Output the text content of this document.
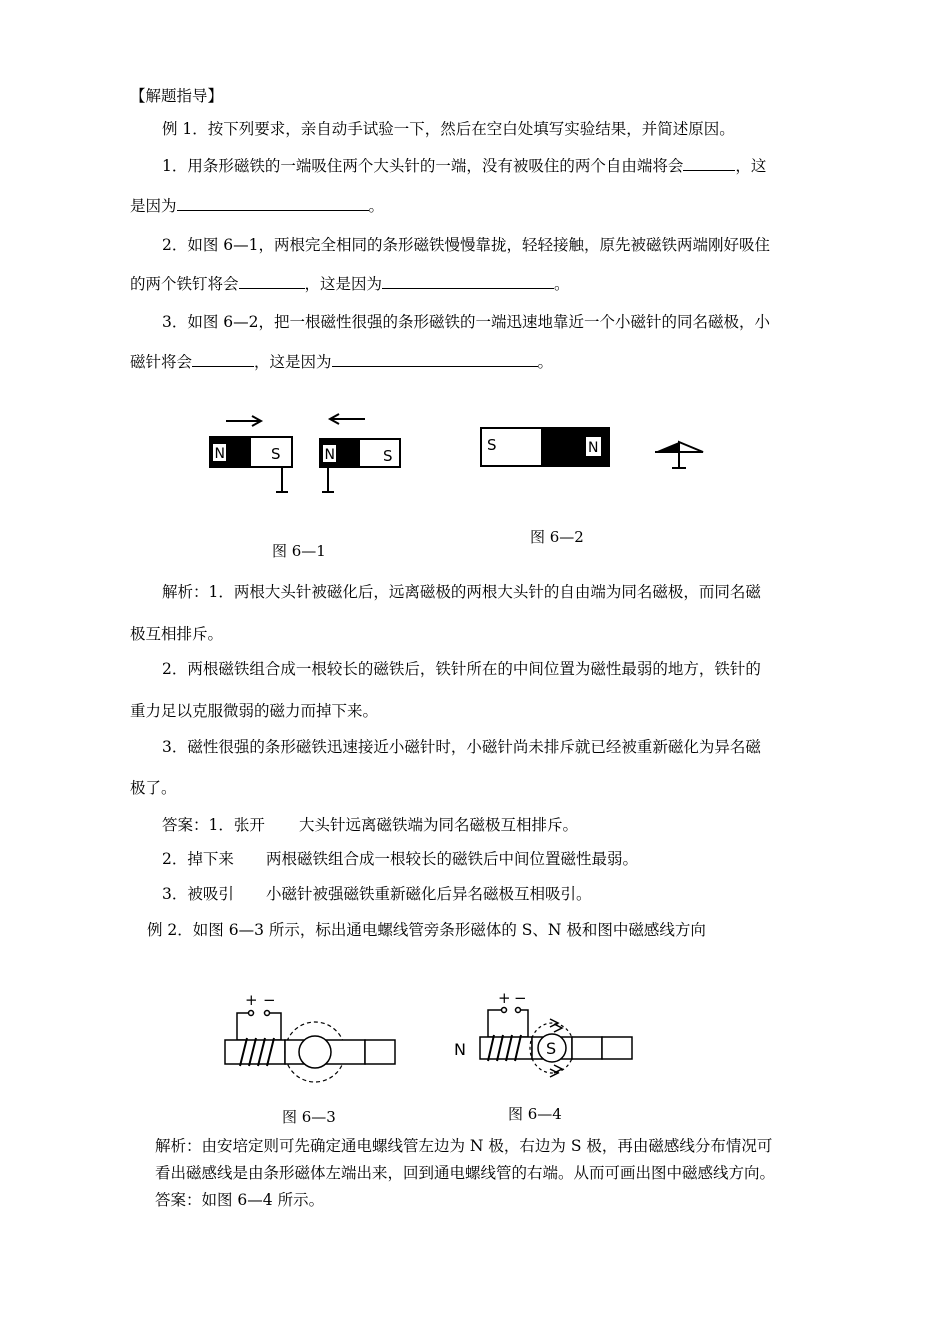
【解题指导】
例 1．按下列要求，亲自动手试验一下，然后在空白处填写实验结果，并简述原因。
1．用条形磁铁的一端吸住两个大头针的一端，没有被吸住的两个自由端将会	，这
是因为	。
2．如图 6—1，两根完全相同的条形磁铁慢慢靠拢，轻轻接触，原先被磁铁两端刚好吸住
的两个铁钉将会	，这是因为	。
3．如图 6—2，把一根磁性很强的条形磁铁的一端迅速地靠近一个小磁针的同名磁极，小
磁针将会	，这是因为	。
N	S	N	S
图 6—1
S	N
图 6—2
解析：1．两根大头针被磁化后，远离磁极的两根大头针的自由端为同名磁极，而同名磁
极互相排斥。
2．两根磁铁组合成一根较长的磁铁后，铁针所在的中间位置为磁性最弱的地方，铁针的
重力足以克服微弱的磁力而掉下来。
3．磁性很强的条形磁铁迅速接近小磁针时，小磁针尚未排斥就已经被重新磁化为异名磁
极了。
答案：1．张开 大头针远离磁铁端为同名磁极互相排斥。
2．掉下来 两根磁铁组合成一根较长的磁铁后中间位置磁性最弱。
3．被吸引 小磁针被强磁铁重新磁化后异名磁极互相吸引。
例 2．如图 6—3 所示，标出通电螺线管旁条形磁体的 S、N 极和图中磁感线方向
+ −
图 6—3
+ −
N	S
图 6—4
解析：由安培定则可先确定通电螺线管左边为 N 极，右边为 S 极，再由磁感线分布情况可
看出磁感线是由条形磁体左端出来，回到通电螺线管的右端。从而可画出图中磁感线方向。
答案：如图 6—4 所示。
